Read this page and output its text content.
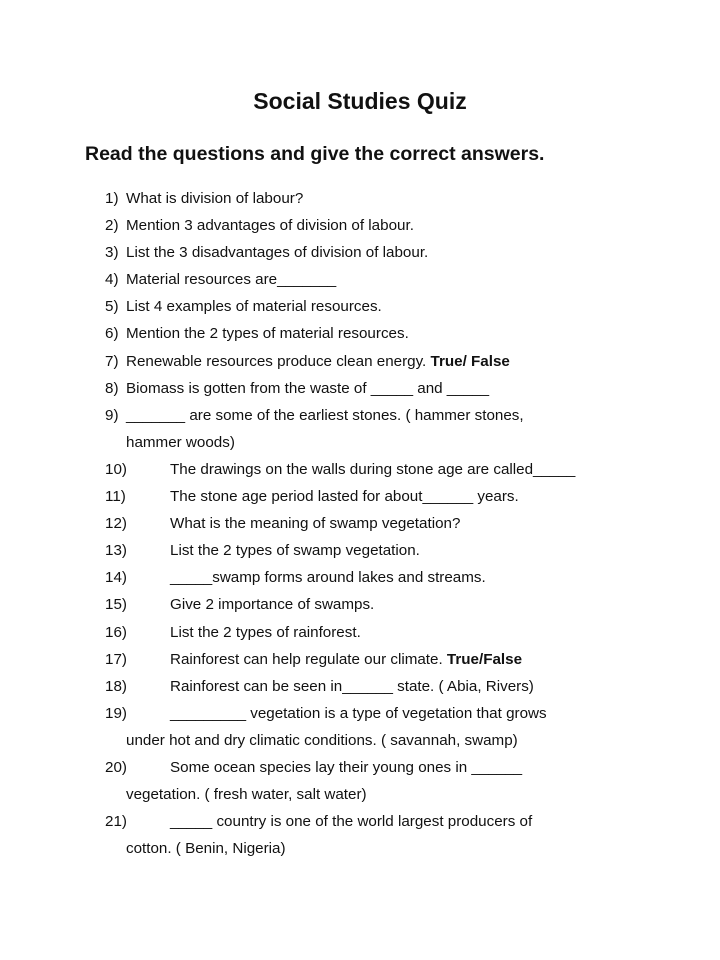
Social Studies Quiz
Read the questions and give the correct answers.
1) What is division of labour?
2) Mention 3 advantages of division of labour.
3) List the 3 disadvantages of division of labour.
4) Material resources are_______
5) List 4 examples of material resources.
6) Mention the 2 types of material resources.
7) Renewable resources produce clean energy. True/ False
8) Biomass is gotten from the waste of _____ and _____
9) _______ are some of the earliest stones. ( hammer stones,
hammer woods)
10)	The drawings on the walls during stone age are called_____
11)	The stone age period lasted for about______ years.
12)	What is the meaning of swamp vegetation?
13)	List the 2 types of swamp vegetation.
14)	_____swamp forms around lakes and streams.
15)	Give 2 importance of swamps.
16)	List the 2 types of rainforest.
17)	Rainforest can help regulate our climate. True/False
18)	Rainforest can be seen in______ state. ( Abia, Rivers)
19)	_________ vegetation is a type of vegetation that grows
under hot and dry climatic conditions. ( savannah, swamp)
20)	Some ocean species lay their young ones in ______
vegetation. ( fresh water, salt water)
21)	_____ country is one of the world largest producers of
cotton. ( Benin, Nigeria)
